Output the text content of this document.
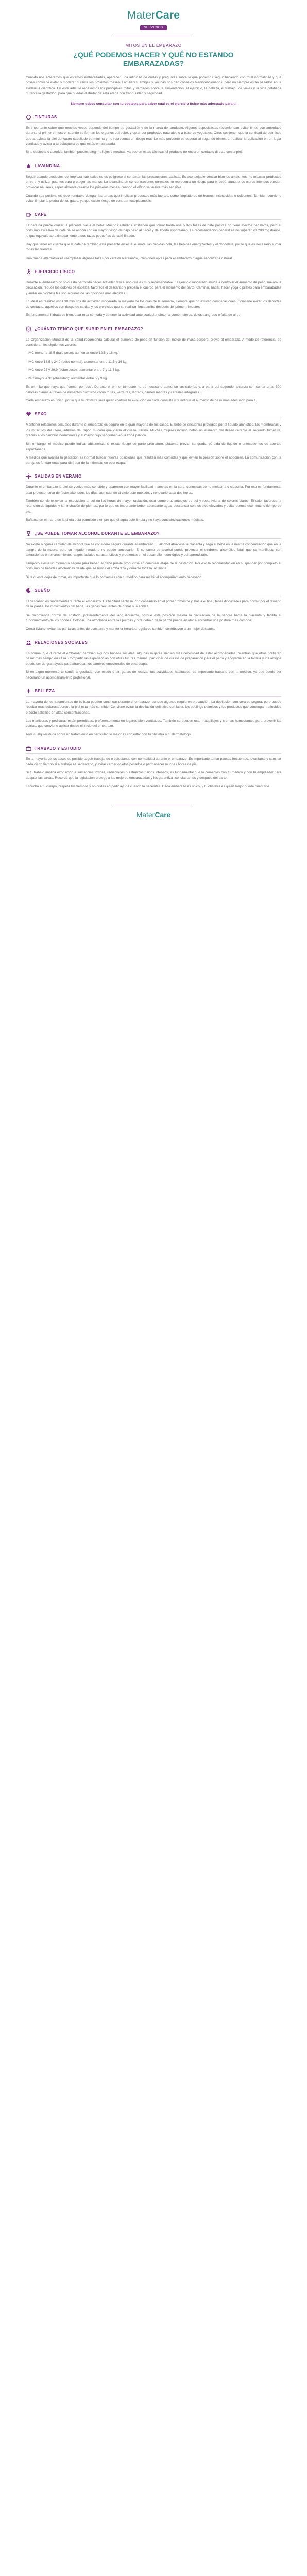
MaterCare
SERVICIOS
MITOS EN EL EMBARAZO
¿QUÉ PODEMOS HACER Y QUÉ NO ESTANDO EMBARAZADAS?
Cuando nos enteramos que estamos embarazadas, aparecen una infinidad de dudas y preguntas sobre lo que podemos seguir haciendo con total normalidad y qué cosas conviene evitar o moderar durante los próximos meses. Familiares, amigas y vecinas nos dan consejos bienintencionados, pero no siempre están basados en la evidencia científica. En este artículo repasamos los principales mitos y verdades sobre la alimentación, el ejercicio, la belleza, el trabajo, los viajes y la vida cotidiana durante la gestación, para que puedas disfrutar de esta etapa con tranquilidad y seguridad.
Siempre debes consultar con tu obstetra para saber cuál es el ejercicio físico más adecuado para ti.
TINTURAS
Es importante saber que muchas veces depende del tiempo de gestación y de la marca del producto. Algunos especialistas recomiendan evitar tintes con amoníaco durante el primer trimestre, cuando se forman los órganos del bebé, y optar por productos naturales o a base de vegetales. Otros sostienen que la cantidad de químicos que atraviesa la piel del cuero cabelludo es mínima y no representa un riesgo real. Lo más prudente es esperar al segundo trimestre, realizar la aplicación en un lugar ventilado y avisar a tu peluquera de que estás embarazada.
Si tu obstetra lo autoriza, también puedes elegir reflejos o mechas, ya que en estas técnicas el producto no entra en contacto directo con la piel.
LAVANDINA
Seguir usando productos de limpieza habituales no es peligroso si se toman las precauciones básicas. Es aconsejable ventilar bien los ambientes, no mezclar productos entre sí y utilizar guantes para proteger las manos. La lavandina en concentraciones normales no representa un riesgo para el bebé, aunque los olores intensos pueden provocar náuseas, especialmente durante los primeros meses, cuando el olfato se vuelve más sensible.
Cuando sea posible, es recomendable delegar las tareas que implican productos más fuertes, como limpiadores de hornos, insecticidas o solventes. También conviene evitar limpiar la piedra de los gatos, ya que existe riesgo de contraer toxoplasmosis.
CAFÉ
La cafeína puede cruzar la placenta hacia el bebé. Muchos estudios sostienen que tomar hasta una o dos tazas de café por día no tiene efectos negativos, pero el consumo excesivo de cafeína se asocia con un mayor riesgo de bajo peso al nacer y de aborto espontáneo. La recomendación general es no superar los 200 mg diarios, lo que equivale aproximadamente a dos tazas pequeñas de café filtrado.
Hay que tener en cuenta que la cafeína también está presente en el té, el mate, las bebidas cola, las bebidas energizantes y el chocolate, por lo que es necesario sumar todas las fuentes.
Una buena alternativa es reemplazar algunas tazas por café descafeinado, infusiones aptas para el embarazo o agua saborizada natural.
EJERCICIO FÍSICO
Durante el embarazo no solo está permitido hacer actividad física sino que es muy recomendable. El ejercicio moderado ayuda a controlar el aumento de peso, mejora la circulación, reduce los dolores de espalda, favorece el descanso y prepara el cuerpo para el momento del parto. Caminar, nadar, hacer yoga o pilates para embarazadas y andar en bicicleta fija son algunas de las opciones más elegidas.
Lo ideal es realizar unos 30 minutos de actividad moderada la mayoría de los días de la semana, siempre que no existan complicaciones. Conviene evitar los deportes de contacto, aquellos con riesgo de caídas y los ejercicios que se realizan boca arriba después del primer trimestre.
Es fundamental hidratarse bien, usar ropa cómoda y detener la actividad ante cualquier síntoma como mareos, dolor, sangrado o falta de aire.
? ¿CUÁNTO TENGO QUE SUBIR EN EL EMBARAZO?
La Organización Mundial de la Salud recomienda calcular el aumento de peso en función del índice de masa corporal previo al embarazo. A modo de referencia, se consideran los siguientes valores:
- IMC menor a 18,5 (bajo peso): aumentar entre 12,5 y 18 kg.
- IMC entre 18,5 y 24,9 (peso normal): aumentar entre 11,5 y 16 kg.
- IMC entre 25 y 29,9 (sobrepeso): aumentar entre 7 y 11,5 kg.
- IMC mayor a 30 (obesidad): aumentar entre 5 y 9 kg.
Es un mito que haya que "comer por dos". Durante el primer trimestre no es necesario aumentar las calorías y, a partir del segundo, alcanza con sumar unas 300 calorías diarias a través de alimentos nutritivos como frutas, verduras, lácteos, carnes magras y cereales integrales.
Cada embarazo es único, por lo que tu obstetra será quien controle tu evolución en cada consulta y te indique el aumento de peso más adecuado para ti.
SEXO
Mantener relaciones sexuales durante el embarazo es seguro en la gran mayoría de los casos. El bebé se encuentra protegido por el líquido amniótico, las membranas y los músculos del útero, además del tapón mucoso que cierra el cuello uterino. Muchas mujeres incluso notan un aumento del deseo durante el segundo trimestre, gracias a los cambios hormonales y al mayor flujo sanguíneo en la zona pélvica.
Sin embargo, el médico puede indicar abstinencia si existe riesgo de parto prematuro, placenta previa, sangrado, pérdida de líquido o antecedentes de abortos espontáneos.
A medida que avanza la gestación es normal buscar nuevas posiciones que resulten más cómodas y que eviten la presión sobre el abdomen. La comunicación con la pareja es fundamental para disfrutar de la intimidad en esta etapa.
SALIDAS EN VERANO
Durante el embarazo la piel se vuelve más sensible y aparecen con mayor facilidad manchas en la cara, conocidas como melasma o cloasma. Por eso es fundamental usar protector solar de factor alto todos los días, aun cuando el cielo esté nublado, y renovarlo cada dos horas.
También conviene evitar la exposición al sol en las horas de mayor radiación, usar sombrero, anteojos de sol y ropa liviana de colores claros. El calor favorece la retención de líquidos y la hinchazón de piernas, por lo que es importante beber abundante agua, descansar con los pies elevados y evitar permanecer mucho tiempo de pie.
Bañarse en el mar o en la pileta está permitido siempre que el agua esté limpia y no haya contraindicaciones médicas.
¿SE PUEDE TOMAR ALCOHOL DURANTE EL EMBARAZO?
No existe ninguna cantidad de alcohol que se considere segura durante el embarazo. El alcohol atraviesa la placenta y llega al bebé en la misma concentración que en la sangre de la madre, pero su hígado inmaduro no puede procesarlo. El consumo de alcohol puede provocar el síndrome alcohólico fetal, que se manifiesta con alteraciones en el crecimiento, rasgos faciales característicos y problemas en el desarrollo neurológico y del aprendizaje.
Tampoco existe un momento seguro para beber: el daño puede producirse en cualquier etapa de la gestación. Por eso la recomendación es suspender por completo el consumo de bebidas alcohólicas desde que se busca el embarazo y durante toda la lactancia.
Si te cuesta dejar de tomar, es importante que lo converses con tu médico para recibir el acompañamiento necesario.
SUEÑO
El descanso es fundamental durante el embarazo. Es habitual sentir mucho cansancio en el primer trimestre y, hacia el final, tener dificultades para dormir por el tamaño de la panza, los movimientos del bebé, las ganas frecuentes de orinar o la acidez.
Se recomienda dormir de costado, preferentemente del lado izquierdo, porque esta posición mejora la circulación de la sangre hacia la placenta y facilita el funcionamiento de los riñones. Colocar una almohada entre las piernas y otra debajo de la panza puede ayudar a encontrar una postura más cómoda.
Cenar liviano, evitar las pantallas antes de acostarse y mantener horarios regulares también contribuyen a un mejor descanso.
RELACIONES SOCIALES
Es normal que durante el embarazo cambien algunos hábitos sociales. Algunas mujeres sienten más necesidad de estar acompañadas, mientras que otras prefieren pasar más tiempo en casa. Compartir las experiencias con otras futuras mamás, participar de cursos de preparación para el parto y apoyarse en la familia y los amigos puede ser de gran ayuda para atravesar los cambios emocionales de esta etapa.
Si en algún momento te sentís angustiada, con miedo o sin ganas de realizar tus actividades habituales, es importante hablarlo con tu médico, ya que puede ser necesario un acompañamiento profesional.
BELLEZA
La mayoría de los tratamientos de belleza pueden continuar durante el embarazo, aunque algunos requieren precaución. La depilación con cera es segura, pero puede resultar más dolorosa porque la piel está más sensible. Conviene evitar la depilación definitiva con láser, los peelings químicos y los productos que contengan retinoides o ácido salicílico en altas concentraciones.
Las manicuras y pedicuras están permitidas, preferentemente en lugares bien ventilados. También se pueden usar maquillajes y cremas humectantes para prevenir las estrías, que conviene aplicar desde el inicio del embarazo.
Ante cualquier duda sobre un tratamiento en particular, lo mejor es consultar con tu obstetra o tu dermatólogo.
TRABAJO Y ESTUDIO
En la mayoría de los casos es posible seguir trabajando o estudiando con normalidad durante el embarazo. Es importante tomar pausas frecuentes, levantarse y caminar cada cierto tiempo si el trabajo es sedentario, y evitar cargar objetos pesados o permanecer muchas horas de pie.
Si tu trabajo implica exposición a sustancias tóxicas, radiaciones o esfuerzos físicos intensos, es fundamental que lo comentes con tu médico y con tu empleador para adaptar las tareas. Recordá que la legislación protege a las mujeres embarazadas y les garantiza licencias antes y después del parto.
Escuchá a tu cuerpo, respetá tus tiempos y no dudes en pedir ayuda cuando la necesites. Cada embarazo es único, y tu obstetra es quien mejor puede orientarte.
MaterCare
